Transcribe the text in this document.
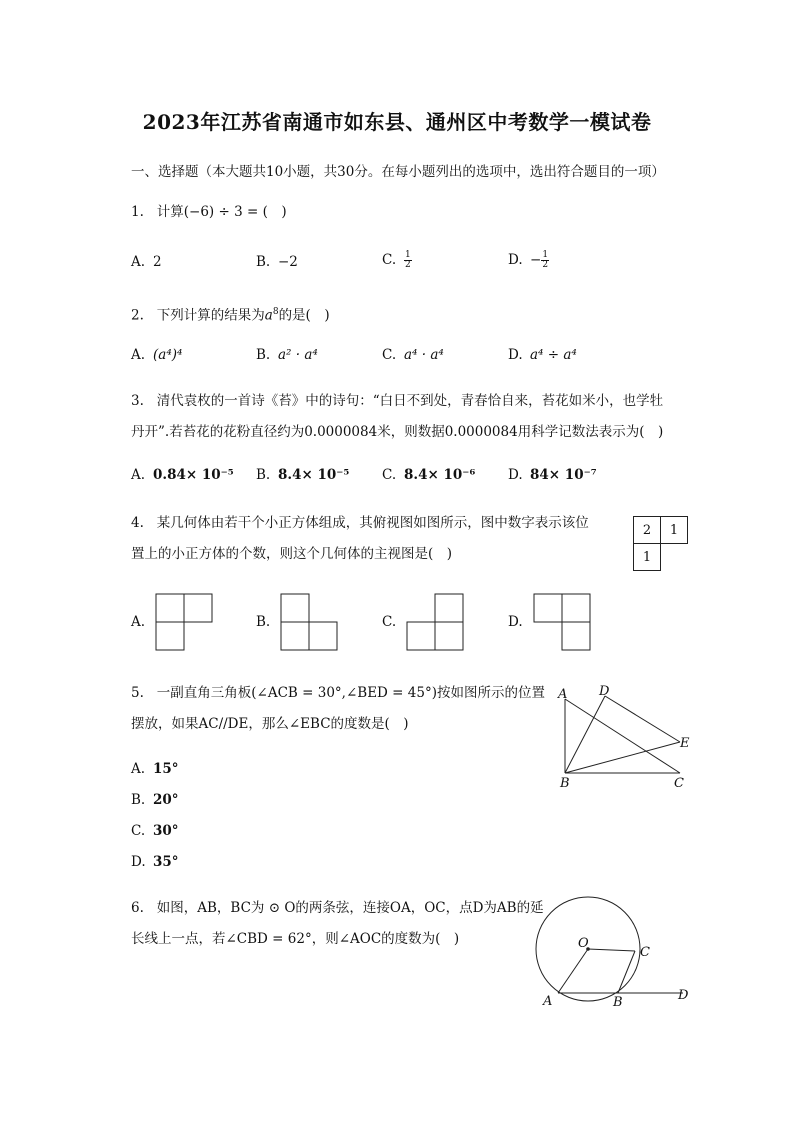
2023年江苏省南通市如东县、通州区中考数学一模试卷
一、选择题（本大题共10小题，共30分。在每小题列出的选项中，选出符合题目的一项）
1. 计算(−6) ÷ 3 = (　)
A. 2	B. −2	C. $\frac{1}{2}$	D. − $\frac{1}{2}$
2. 下列计算的结果为$a^8$的是(　)
A. (a⁴)⁴	B. a² · a⁴	C. a⁴ · a⁴	D. a⁴ ÷ a⁴
3. 清代袁枚的一首诗《苔》中的诗句：“白日不到处，青春恰自来，苔花如米小，也学牡
丹开”.若苔花的花粉直径约为0.0000084米，则数据0.0000084用科学记数法表示为(　)
A. 0.84× 10⁻⁵ B. 8.4× 10⁻⁵ C. 8.4× 10⁻⁶ D. 84× 10⁻⁷
4. 某几何体由若干个小正方体组成，其俯视图如图所示，图中数字表示该位
置上的小正方体的个数，则这个几何体的主视图是(　)
2	1
1	
A.	B.	C.	D.
5. 一副直角三角板(∠ACB = 30°,∠BED = 45°)按如图所示的位置
摆放，如果AC//DE，那么∠EBC的度数是(　)
A. 15°
B. 20°
C. 30°
D. 35°
A D
E
B	C
6. 如图，AB，BC为 ⊙ O的两条弦，连接OA，OC，点D为AB的延
长线上一点，若∠CBD = 62°，则∠AOC的度数为(　)	O
C
A	B	D
